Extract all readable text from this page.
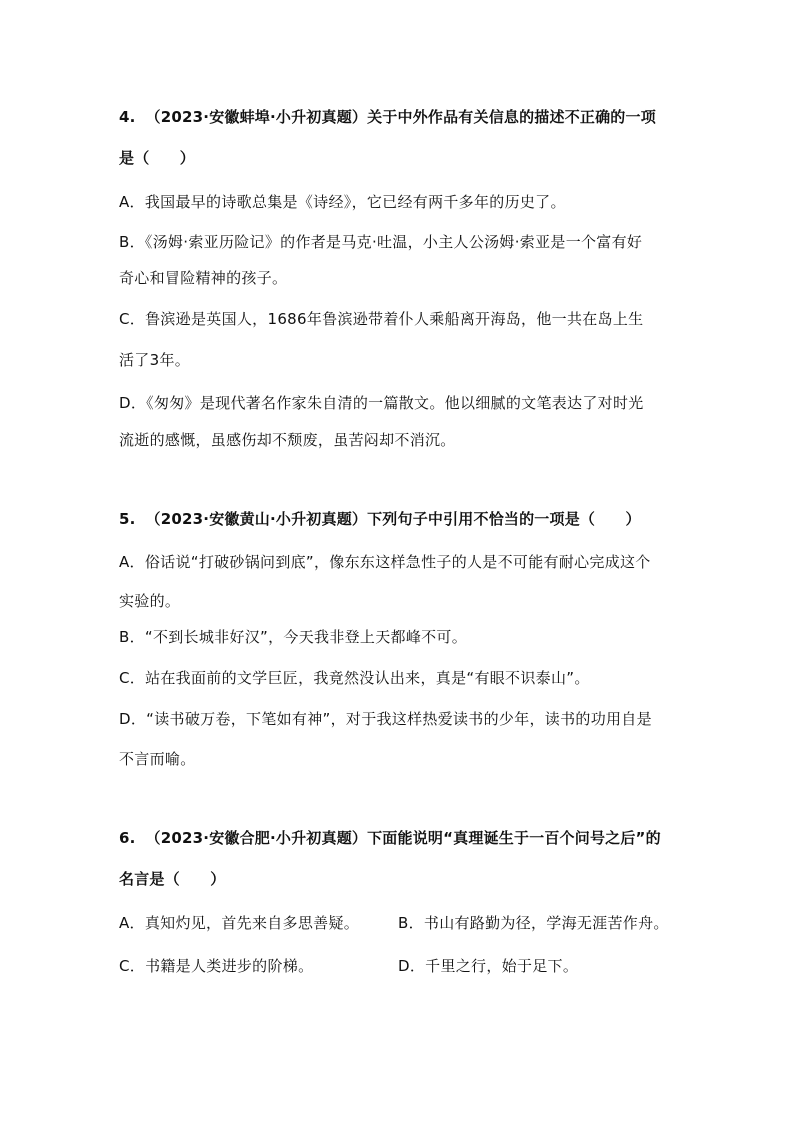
4. （2023·安徽蚌埠·小升初真题）关于中外作品有关信息的描述不正确的一项
是（　　）
A．我国最早的诗歌总集是《诗经》，它已经有两千多年的历史了。
B．《汤姆·索亚历险记》的作者是马克·吐温，小主人公汤姆·索亚是一个富有好
奇心和冒险精神的孩子。
C．鲁滨逊是英国人，1686年鲁滨逊带着仆人乘船离开海岛，他一共在岛上生
活了3年。
D．《匆匆》是现代著名作家朱自清的一篇散文。他以细腻的文笔表达了对时光
流逝的感慨，虽感伤却不颓废，虽苦闷却不消沉。
5. （2023·安徽黄山·小升初真题）下列句子中引用不恰当的一项是（　　）
A．俗话说“打破砂锅问到底”，像东东这样急性子的人是不可能有耐心完成这个
实验的。
B．“不到长城非好汉”，今天我非登上天都峰不可。
C．站在我面前的文学巨匠，我竟然没认出来，真是“有眼不识泰山”。
D．“读书破万卷，下笔如有神”，对于我这样热爱读书的少年，读书的功用自是
不言而喻。
6. （2023·安徽合肥·小升初真题）下面能说明“真理诞生于一百个问号之后”的
名言是（　　）
A．真知灼见，首先来自多思善疑。	B．书山有路勤为径，学海无涯苦作舟。
C．书籍是人类进步的阶梯。	D．千里之行，始于足下。
